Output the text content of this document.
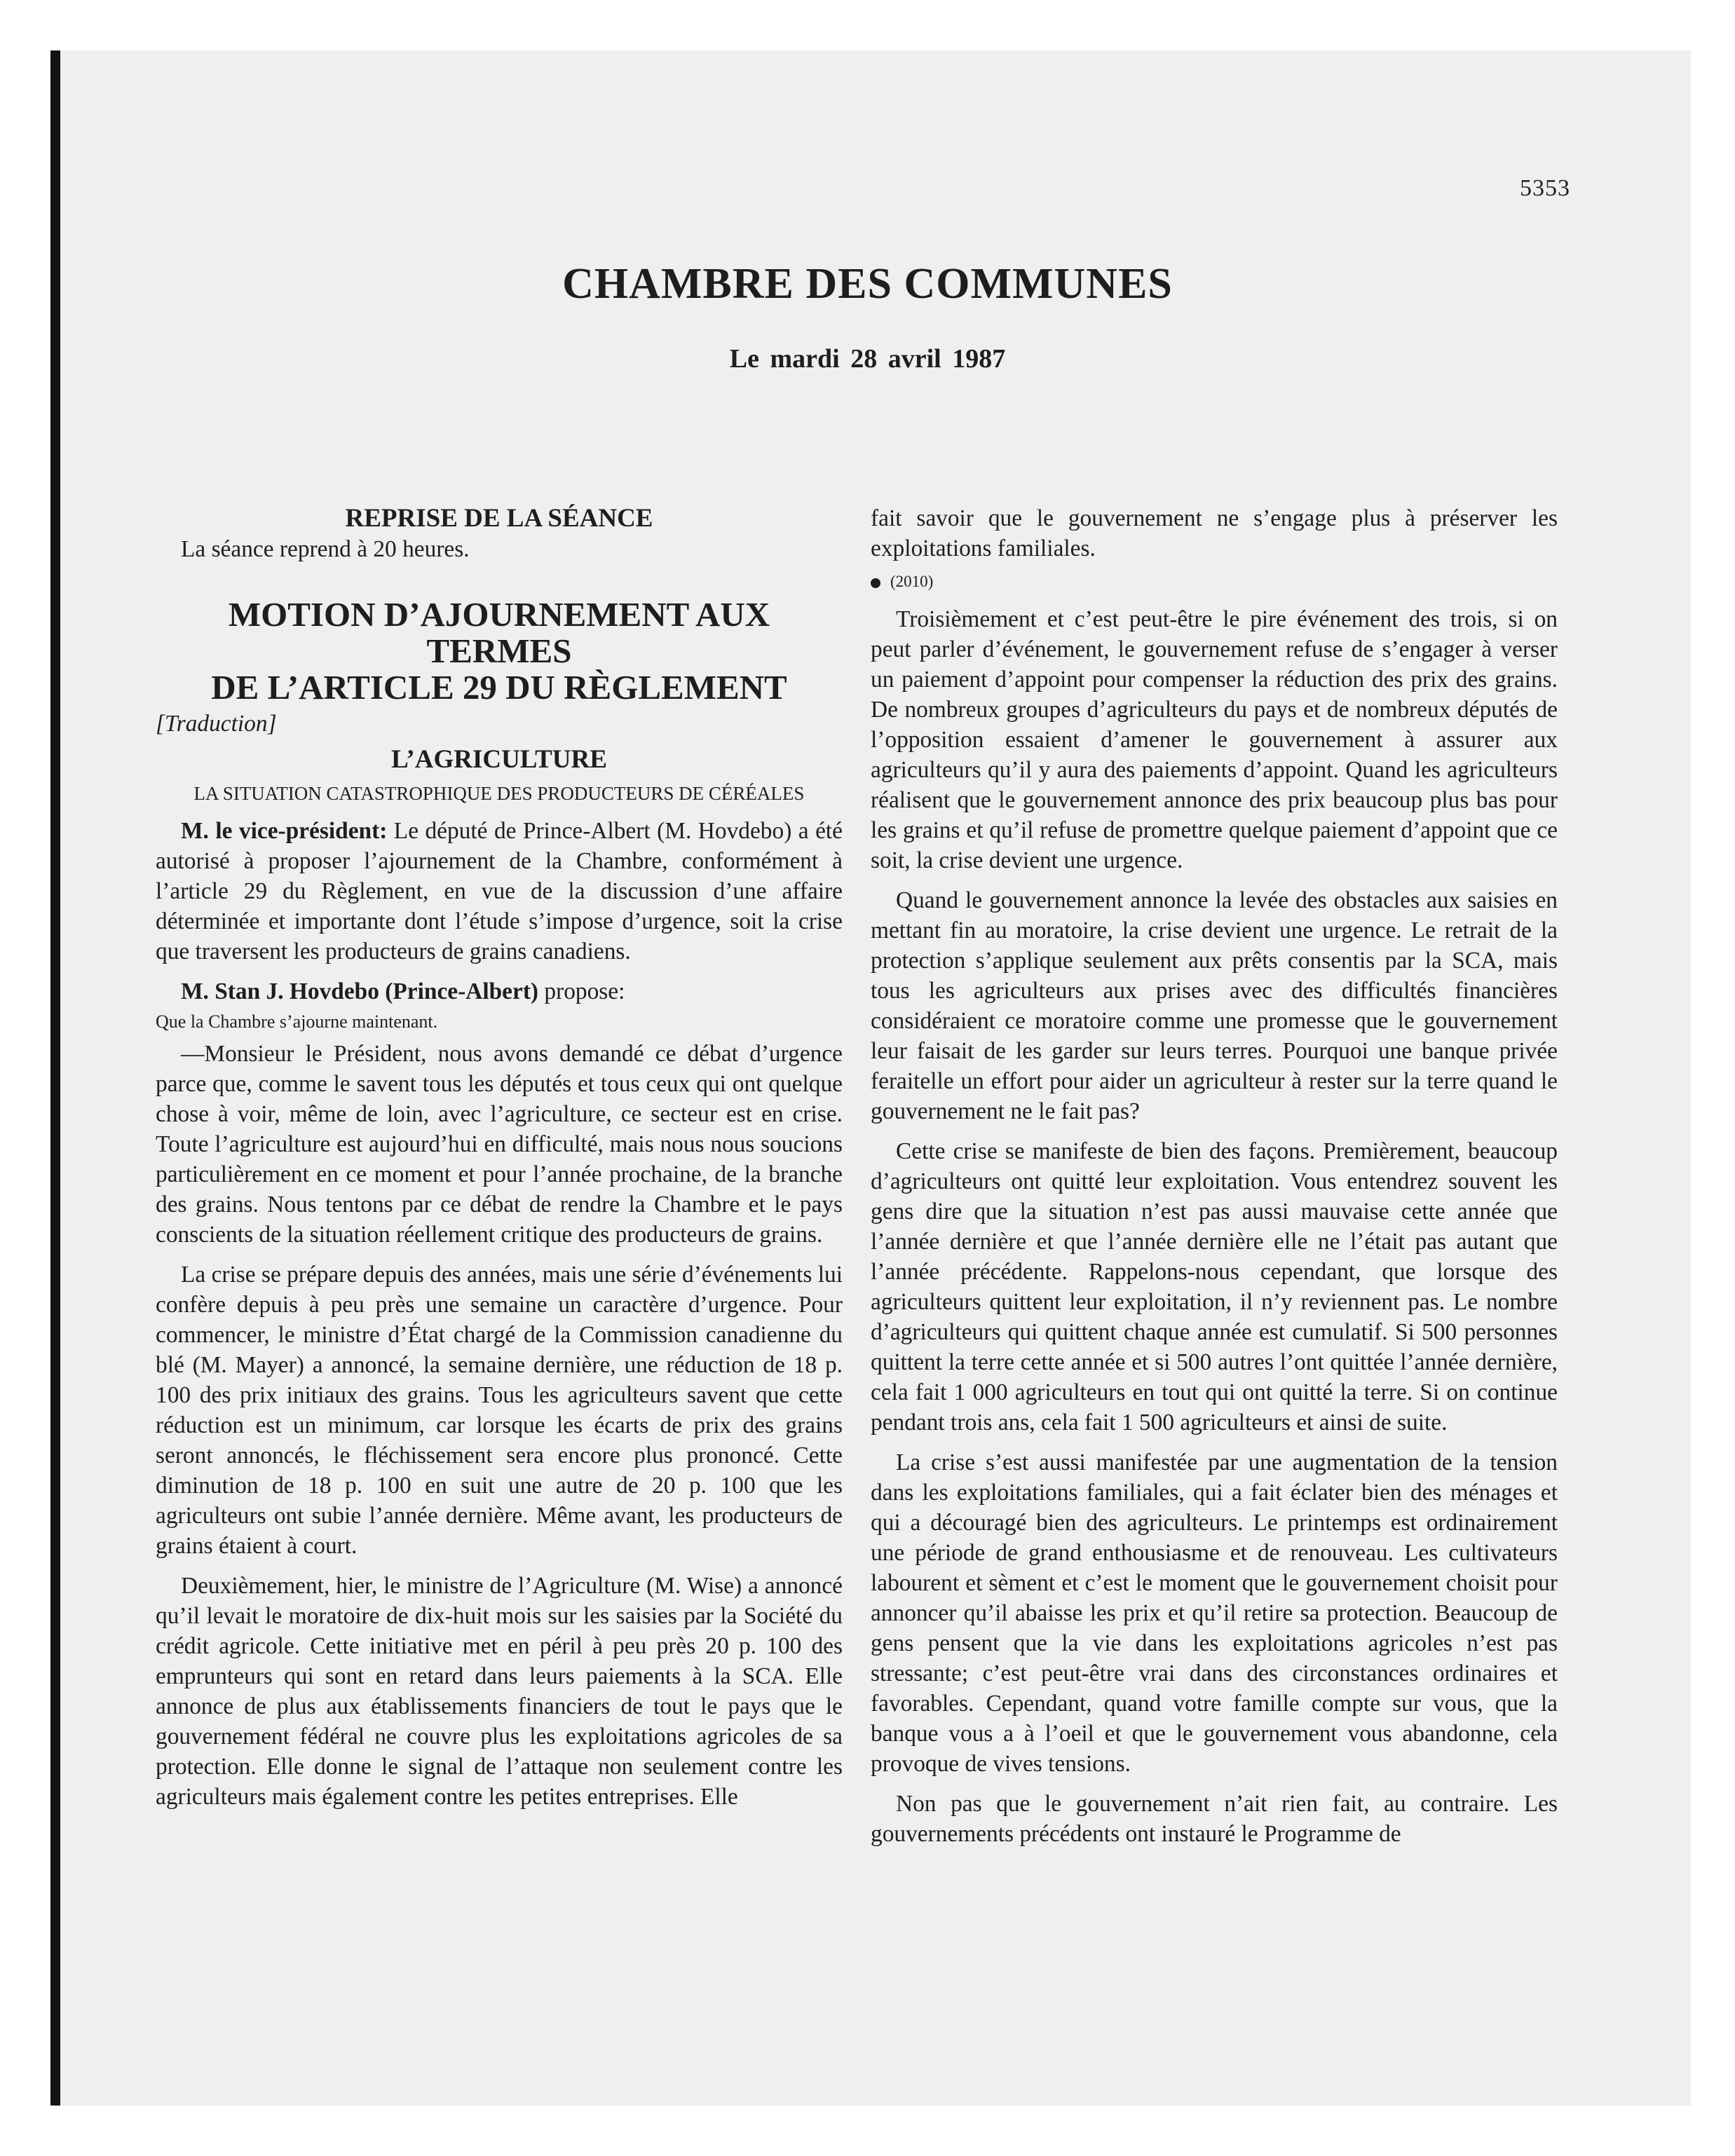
5353
CHAMBRE DES COMMUNES
Le mardi 28 avril 1987

REPRISE DE LA SÉANCE

La séance reprend à 20 heures.

MOTION D’AJOURNEMENT AUX TERMES
DE L’ARTICLE 29 DU RÈGLEMENT

[Traduction]

L’AGRICULTURE

LA SITUATION CATASTROPHIQUE DES PRODUCTEURS DE CÉRÉALES

M. le vice-président: Le député de Prince-Albert (M. Hovdebo) a été autorisé à proposer l’ajournement de la Chambre, conformément à l’article 29 du Règlement, en vue de la discussion d’une affaire déterminée et importante dont l’étude s’impose d’urgence, soit la crise que traversent les producteurs de grains canadiens.

M. Stan J. Hovdebo (Prince-Albert) propose:

Que la Chambre s’ajourne maintenant.

—Monsieur le Président, nous avons demandé ce débat d’urgence parce que, comme le savent tous les députés et tous ceux qui ont quelque chose à voir, même de loin, avec l’agriculture, ce secteur est en crise. Toute l’agriculture est aujourd’hui en difficulté, mais nous nous soucions particulièrement en ce moment et pour l’année prochaine, de la branche des grains. Nous tentons par ce débat de rendre la Chambre et le pays conscients de la situation réellement critique des producteurs de grains.

La crise se prépare depuis des années, mais une série d’événements lui confère depuis à peu près une semaine un caractère d’urgence. Pour commencer, le ministre d’État chargé de la Commission canadienne du blé (M. Mayer) a annoncé, la semaine dernière, une réduction de 18 p. 100 des prix initiaux des grains. Tous les agriculteurs savent que cette réduction est un minimum, car lorsque les écarts de prix des grains seront annoncés, le fléchissement sera encore plus prononcé. Cette diminution de 18 p. 100 en suit une autre de 20 p. 100 que les agriculteurs ont subie l’année dernière. Même avant, les producteurs de grains étaient à court.

Deuxièmement, hier, le ministre de l’Agriculture (M. Wise) a annoncé qu’il levait le moratoire de dix-huit mois sur les saisies par la Société du crédit agricole. Cette initiative met en péril à peu près 20 p. 100 des emprunteurs qui sont en retard dans leurs paiements à la SCA. Elle annonce de plus aux établissements financiers de tout le pays que le gouvernement fédéral ne couvre plus les exploitations agricoles de sa protection. Elle donne le signal de l’attaque non seulement contre les agriculteurs mais également contre les petites entreprises. Elle

fait savoir que le gouvernement ne s’engage plus à préserver les exploitations familiales.

(2010)

Troisièmement et c’est peut-être le pire événement des trois, si on peut parler d’événement, le gouvernement refuse de s’engager à verser un paiement d’appoint pour compenser la réduction des prix des grains. De nombreux groupes d’agriculteurs du pays et de nombreux députés de l’opposition essaient d’amener le gouvernement à assurer aux agriculteurs qu’il y aura des paiements d’appoint. Quand les agriculteurs réalisent que le gouvernement annonce des prix beaucoup plus bas pour les grains et qu’il refuse de promettre quelque paiement d’appoint que ce soit, la crise devient une urgence.

Quand le gouvernement annonce la levée des obstacles aux saisies en mettant fin au moratoire, la crise devient une urgence. Le retrait de la protection s’applique seulement aux prêts consentis par la SCA, mais tous les agriculteurs aux prises avec des difficultés financières considéraient ce moratoire comme une promesse que le gouvernement leur faisait de les garder sur leurs terres. Pourquoi une banque privée feraitelle un effort pour aider un agriculteur à rester sur la terre quand le gouvernement ne le fait pas?

Cette crise se manifeste de bien des façons. Premièrement, beaucoup d’agriculteurs ont quitté leur exploitation. Vous entendrez souvent les gens dire que la situation n’est pas aussi mauvaise cette année que l’année dernière et que l’année dernière elle ne l’était pas autant que l’année précédente. Rappelons-nous cependant, que lorsque des agriculteurs quittent leur exploitation, il n’y reviennent pas. Le nombre d’agriculteurs qui quittent chaque année est cumulatif. Si 500 personnes quittent la terre cette année et si 500 autres l’ont quittée l’année dernière, cela fait 1 000 agriculteurs en tout qui ont quitté la terre. Si on continue pendant trois ans, cela fait 1 500 agriculteurs et ainsi de suite.

La crise s’est aussi manifestée par une augmentation de la tension dans les exploitations familiales, qui a fait éclater bien des ménages et qui a découragé bien des agriculteurs. Le printemps est ordinairement une période de grand enthousiasme et de renouveau. Les cultivateurs labourent et sèment et c’est le moment que le gouvernement choisit pour annoncer qu’il abaisse les prix et qu’il retire sa protection. Beaucoup de gens pensent que la vie dans les exploitations agricoles n’est pas stressante; c’est peut-être vrai dans des circonstances ordinaires et favorables. Cependant, quand votre famille compte sur vous, que la banque vous a à l’oeil et que le gouvernement vous abandonne, cela provoque de vives tensions.

Non pas que le gouvernement n’ait rien fait, au contraire. Les gouvernements précédents ont instauré le Programme de
